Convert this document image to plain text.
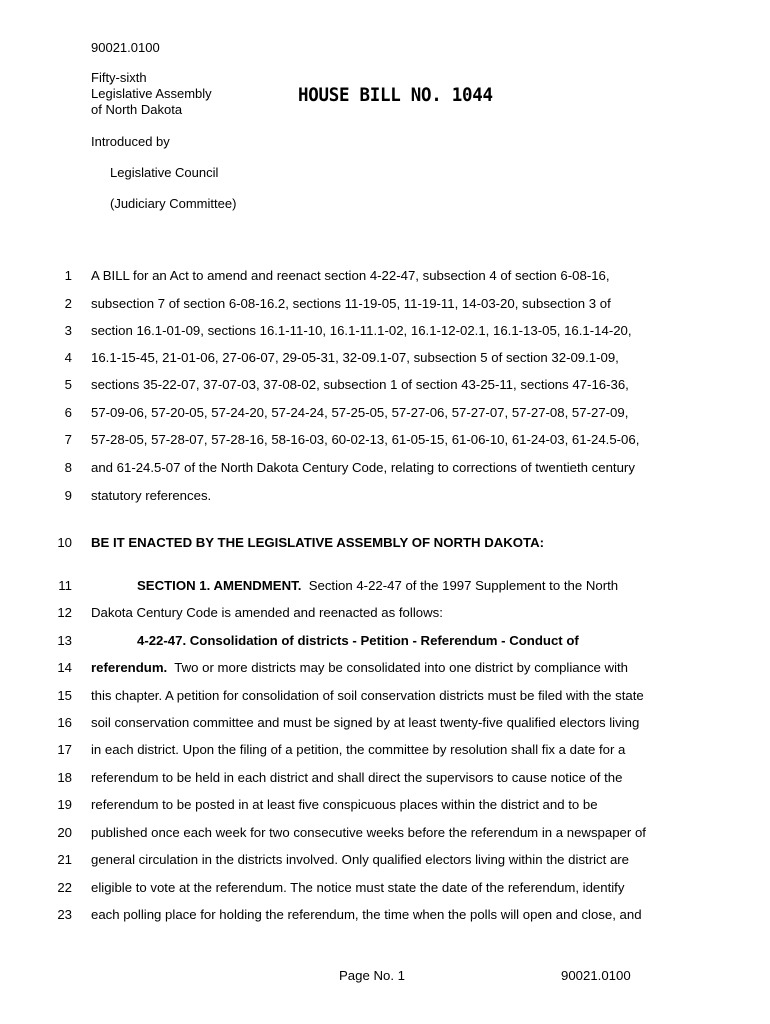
90021.0100
Fifty-sixth
Legislative Assembly
of North Dakota
HOUSE BILL NO. 1044
Introduced by
Legislative Council
(Judiciary Committee)
1 A BILL for an Act to amend and reenact section 4-22-47, subsection 4 of section 6-08-16,
2 subsection 7 of section 6-08-16.2, sections 11-19-05, 11-19-11, 14-03-20, subsection 3 of
3 section 16.1-01-09, sections 16.1-11-10, 16.1-11.1-02, 16.1-12-02.1, 16.1-13-05, 16.1-14-20,
4 16.1-15-45, 21-01-06, 27-06-07, 29-05-31, 32-09.1-07, subsection 5 of section 32-09.1-09,
5 sections 35-22-07, 37-07-03, 37-08-02, subsection 1 of section 43-25-11, sections 47-16-36,
6 57-09-06, 57-20-05, 57-24-20, 57-24-24, 57-25-05, 57-27-06, 57-27-07, 57-27-08, 57-27-09,
7 57-28-05, 57-28-07, 57-28-16, 58-16-03, 60-02-13, 61-05-15, 61-06-10, 61-24-03, 61-24.5-06,
8 and 61-24.5-07 of the North Dakota Century Code, relating to corrections of twentieth century
9 statutory references.
10 BE IT ENACTED BY THE LEGISLATIVE ASSEMBLY OF NORTH DAKOTA:
11	SECTION 1. AMENDMENT.  Section 4-22-47 of the 1997 Supplement to the North
12 Dakota Century Code is amended and reenacted as follows:
13	4-22-47. Consolidation of districts - Petition - Referendum - Conduct of
14 referendum.  Two or more districts may be consolidated into one district by compliance with
15 this chapter. A petition for consolidation of soil conservation districts must be filed with the state
16 soil conservation committee and must be signed by at least twenty-five qualified electors living
17 in each district. Upon the filing of a petition, the committee by resolution shall fix a date for a
18 referendum to be held in each district and shall direct the supervisors to cause notice of the
19 referendum to be posted in at least five conspicuous places within the district and to be
20 published once each week for two consecutive weeks before the referendum in a newspaper of
21 general circulation in the districts involved. Only qualified electors living within the district are
22 eligible to vote at the referendum. The notice must state the date of the referendum, identify
23 each polling place for holding the referendum, the time when the polls will open and close, and
Page No. 1	90021.0100
